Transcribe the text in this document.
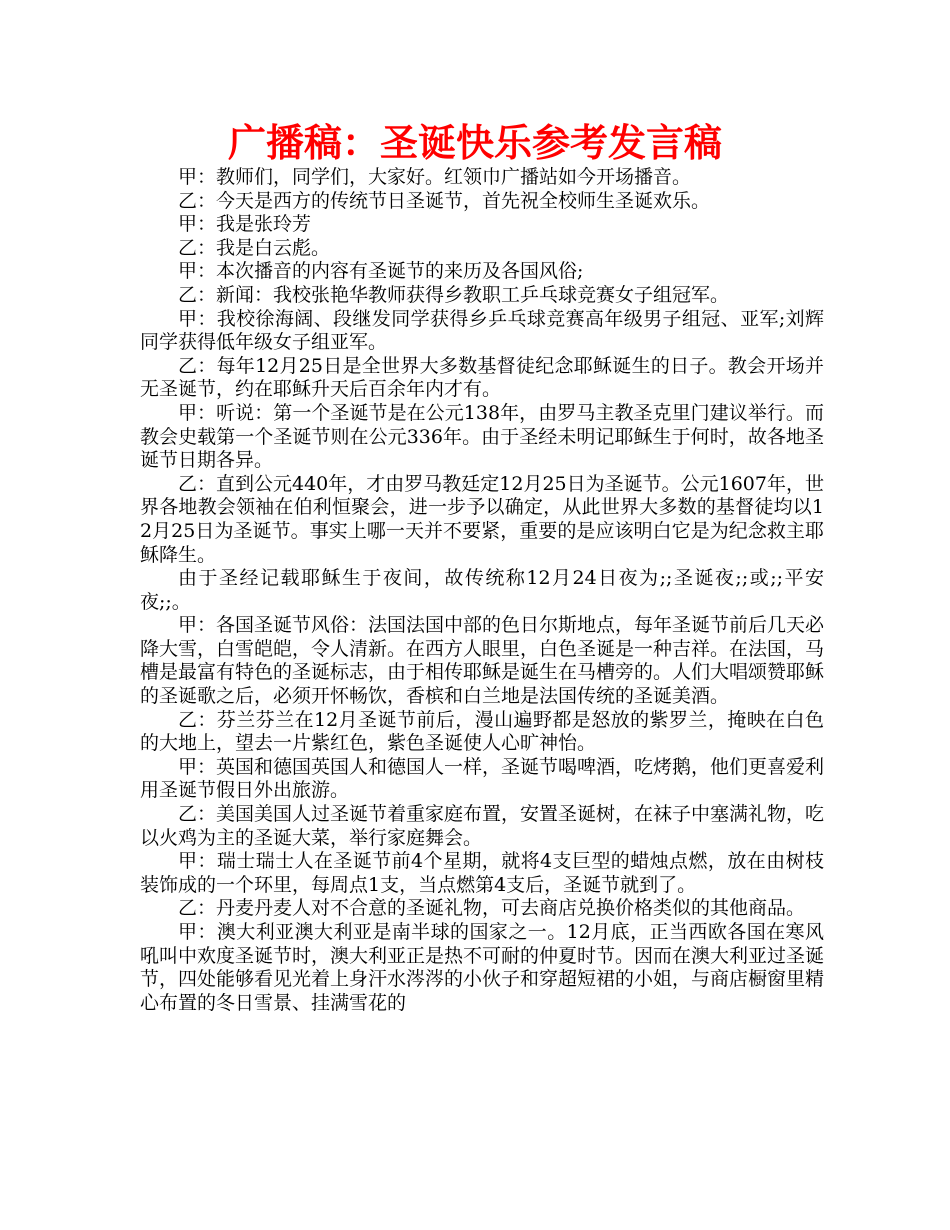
广播稿：圣诞快乐参考发言稿

甲：教师们，同学们，大家好。红领巾广播站如今开场播音。

乙：今天是西方的传统节日圣诞节，首先祝全校师生圣诞欢乐。

甲：我是张玲芳

乙：我是白云彪。

甲：本次播音的内容有圣诞节的来历及各国风俗;

乙：新闻：我校张艳华教师获得乡教职工乒乓球竞赛女子组冠军。

甲：我校徐海阔、段继发同学获得乡乒乓球竞赛高年级男子组冠、亚军;刘辉同学获得低年级女子组亚军。

乙：每年12月25日是全世界大多数基督徒纪念耶稣诞生的日子。教会开场并无圣诞节，约在耶稣升天后百余年内才有。

甲：听说：第一个圣诞节是在公元138年，由罗马主教圣克里门建议举行。而教会史载第一个圣诞节则在公元336年。由于圣经未明记耶稣生于何时，故各地圣诞节日期各异。

乙：直到公元440年，才由罗马教廷定12月25日为圣诞节。公元1607年，世界各地教会领袖在伯利恒聚会，进一步予以确定，从此世界大多数的基督徒均以12月25日为圣诞节。事实上哪一天并不要紧，重要的是应该明白它是为纪念救主耶稣降生。

由于圣经记载耶稣生于夜间，故传统称12月24日夜为;;圣诞夜;;或;;平安夜;;。

甲：各国圣诞节风俗：法国法国中部的色日尔斯地点，每年圣诞节前后几天必降大雪，白雪皑皑，令人清新。在西方人眼里，白色圣诞是一种吉祥。在法国，马槽是最富有特色的圣诞标志，由于相传耶稣是诞生在马槽旁的。人们大唱颂赞耶稣的圣诞歌之后，必须开怀畅饮，香槟和白兰地是法国传统的圣诞美酒。

乙：芬兰芬兰在12月圣诞节前后，漫山遍野都是怒放的紫罗兰，掩映在白色的大地上，望去一片紫红色，紫色圣诞使人心旷神怡。

甲：英国和德国英国人和德国人一样，圣诞节喝啤酒，吃烤鹅，他们更喜爱利用圣诞节假日外出旅游。

乙：美国美国人过圣诞节着重家庭布置，安置圣诞树，在袜子中塞满礼物，吃以火鸡为主的圣诞大菜，举行家庭舞会。

甲：瑞士瑞士人在圣诞节前4个星期，就将4支巨型的蜡烛点燃，放在由树枝装饰成的一个环里，每周点1支，当点燃第4支后，圣诞节就到了。

乙：丹麦丹麦人对不合意的圣诞礼物，可去商店兑换价格类似的其他商品。

甲：澳大利亚澳大利亚是南半球的国家之一。12月底，正当西欧各国在寒风吼叫中欢度圣诞节时，澳大利亚正是热不可耐的仲夏时节。因而在澳大利亚过圣诞节，四处能够看见光着上身汗水涔涔的小伙子和穿超短裙的小姐，与商店橱窗里精心布置的冬日雪景、挂满雪花的
